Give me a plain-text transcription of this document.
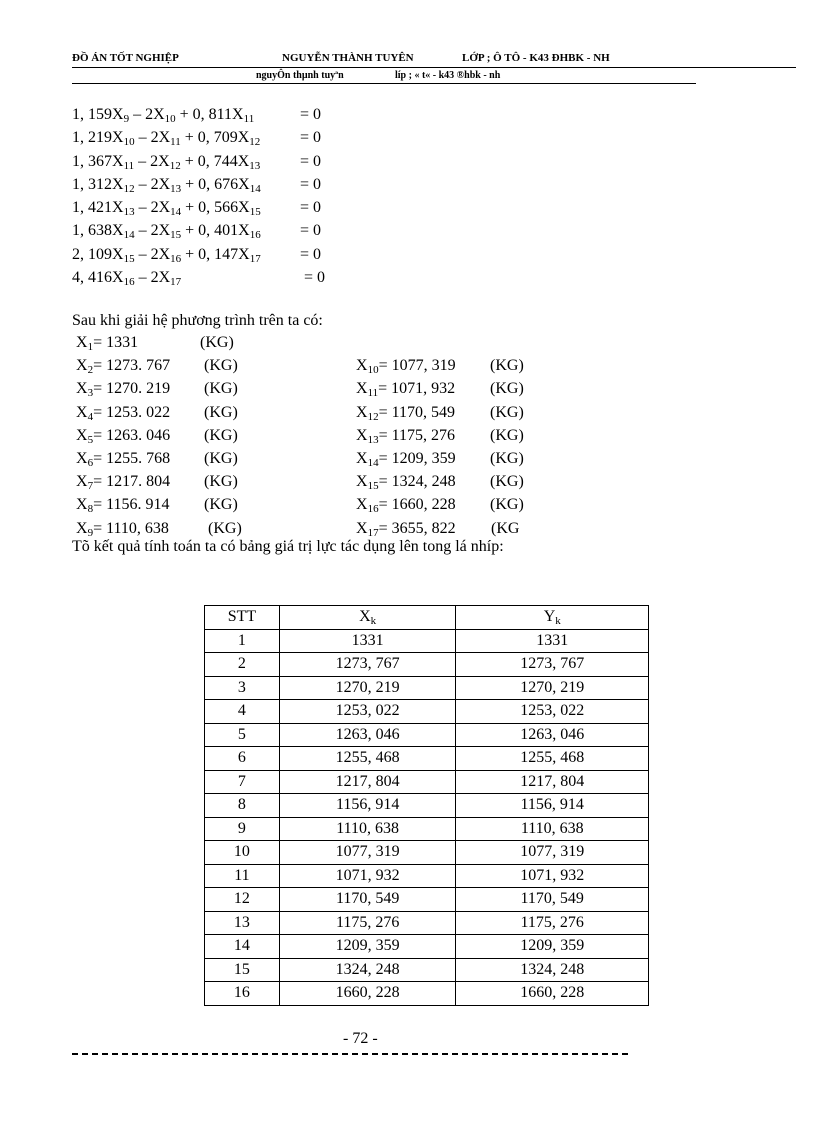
ĐỒ ÁN TỐT NGHIỆP	NGUYỄN THÀNH TUYÊN	LỚP ; Ô TÔ - K43 ĐHBK - NH
nguyÔn thµnh tuyªn	líp ; « t« - k43 ®hbk - nh
1, $159X_9 - 2X_{10} + 0$, $811X_{11}$	= 0
1, $219X_{10} - 2X_{11} + 0$, $709X_{12} = 0$
1, $367X_{11} - 2X_{12} + 0$, $744X_{13} = 0$
1, $312X_{12} - 2X_{13} + 0$, $676X_{14} = 0$
1, $421X_{13} - 2X_{14} + 0$, $566X_{15} = 0$
1, $638X_{14} - 2X_{15} + 0$, $401X_{16} = 0$
2, $109X_{15} - 2X_{16} + 0$, $147X_{17} = 0$
4, $416X_{16} - 2X_{17}$	= 0
Sau khi giải hệ phương trình trên ta có:
$X_1= 1331$	(KG)
$X_2= 1273$. 767 (KG)
$X_3= 1270$. 219 (KG)
$X_4= 1253$. 022 (KG)
$X_5= 1263$. 046 (KG)
$X_6= 1255$. 768 (KG)
$X_7= 1217$. 804 (KG)
$X_8= 1156$. 914 (KG)
$X_9= 1110$, 638 (KG)
$X_{10}= 1077$, 319 (KG)
$X_{11}= 1071$, 932 (KG)
$X_{12}= 1170$, 549 (KG)
$X_{13}= 1175$, 276 (KG)
$X_{14}= 1209$, 359 (KG)
$X_{15}= 1324$, 248 (KG)
$X_{16}= 1660$, 228 (KG)
$X_{17}= 3655$, 822 (KG
Tõ kết quả tính toán ta có bảng giá trị lực tác dụng lên tong lá nhíp:
STT	$X_k$	$Y_k$
1	1331	1331
2	1273, 767	1273, 767
3	1270, 219	1270, 219
4	1253, 022	1253, 022
5	1263, 046	1263, 046
6	1255, 468	1255, 468
7	1217, 804	1217, 804
8	1156, 914	1156, 914
9	1110, 638	1110, 638
10	1077, 319	1077, 319
11	1071, 932	1071, 932
12	1170, 549	1170, 549
13	1175, 276	1175, 276
14	1209, 359	1209, 359
15	1324, 248	1324, 248
16	1660, 228	1660, 228
- 72 -
